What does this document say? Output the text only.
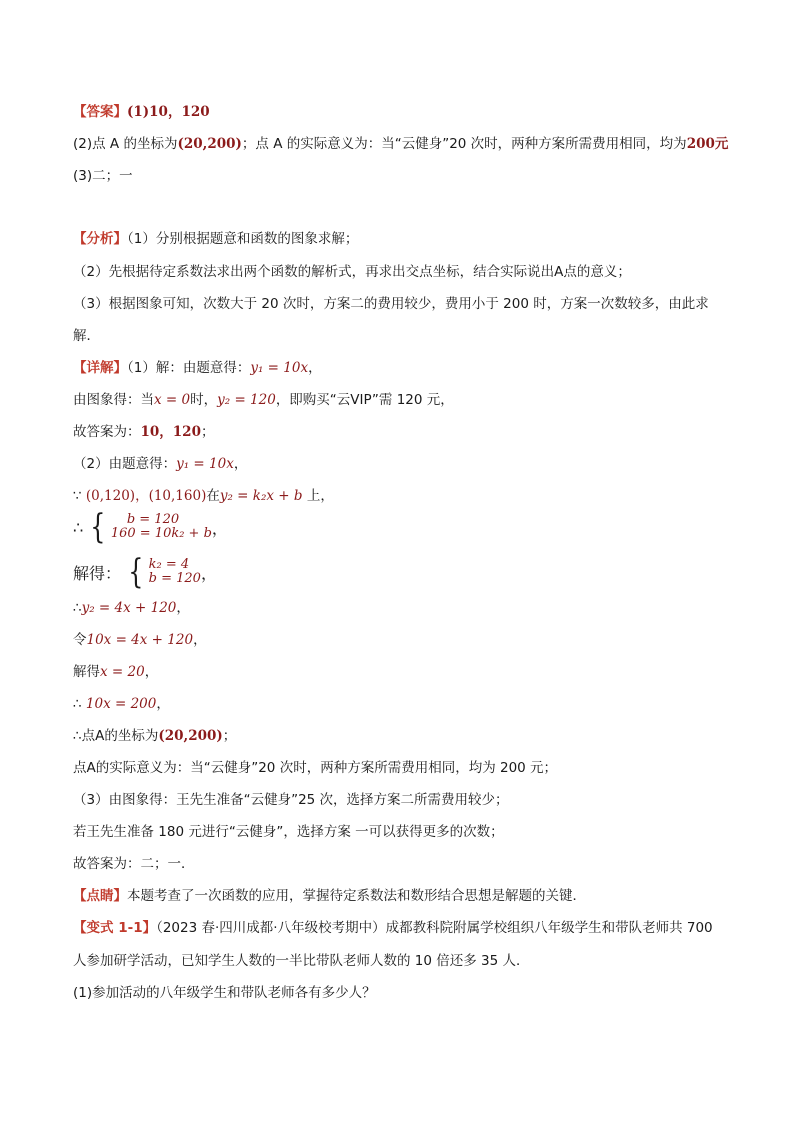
【答案】(1)10，120
(2)点 A 的坐标为(20,200)；点 A 的实际意义为：当“云健身”20 次时，两种方案所需费用相同，均为200元
(3)二；一
【分析】（1）分别根据题意和函数的图象求解；
（2）先根据待定系数法求出两个函数的解析式，再求出交点坐标，结合实际说出A点的意义；
（3）根据图象可知，次数大于 20 次时，方案二的费用较少，费用小于 200 时，方案一次数较多，由此求
解．
【详解】（1）解：由题意得：y₁ = 10x，
由图象得：当x = 0时，y₂ = 120，即购买“云VIP”需 120 元，
故答案为：10，120；
（2）由题意得：y₁ = 10x，
∵ (0,120)，(10,160)在y₂ = k₂x + b 上，
∴ {	b = 120
160 = 10k₂ + b ，
解得： { k₂ = 4
b = 120 ，
∴y₂ = 4x + 120，
令10x = 4x + 120，
解得x = 20，
∴ 10x = 200，
∴点A的坐标为(20,200)；
点A的实际意义为：当“云健身”20 次时，两种方案所需费用相同，均为 200 元；
（3）由图象得：王先生准备“云健身”25 次，选择方案二所需费用较少；
若王先生准备 180 元进行“云健身”，选择方案 一可以获得更多的次数；
故答案为：二；一．
【点睛】本题考查了一次函数的应用，掌握待定系数法和数形结合思想是解题的关键．
【变式 1-1】（2023 春·四川成都·八年级校考期中）成都教科院附属学校组织八年级学生和带队老师共 700
人参加研学活动，已知学生人数的一半比带队老师人数的 10 倍还多 35 人．
(1)参加活动的八年级学生和带队老师各有多少人？
